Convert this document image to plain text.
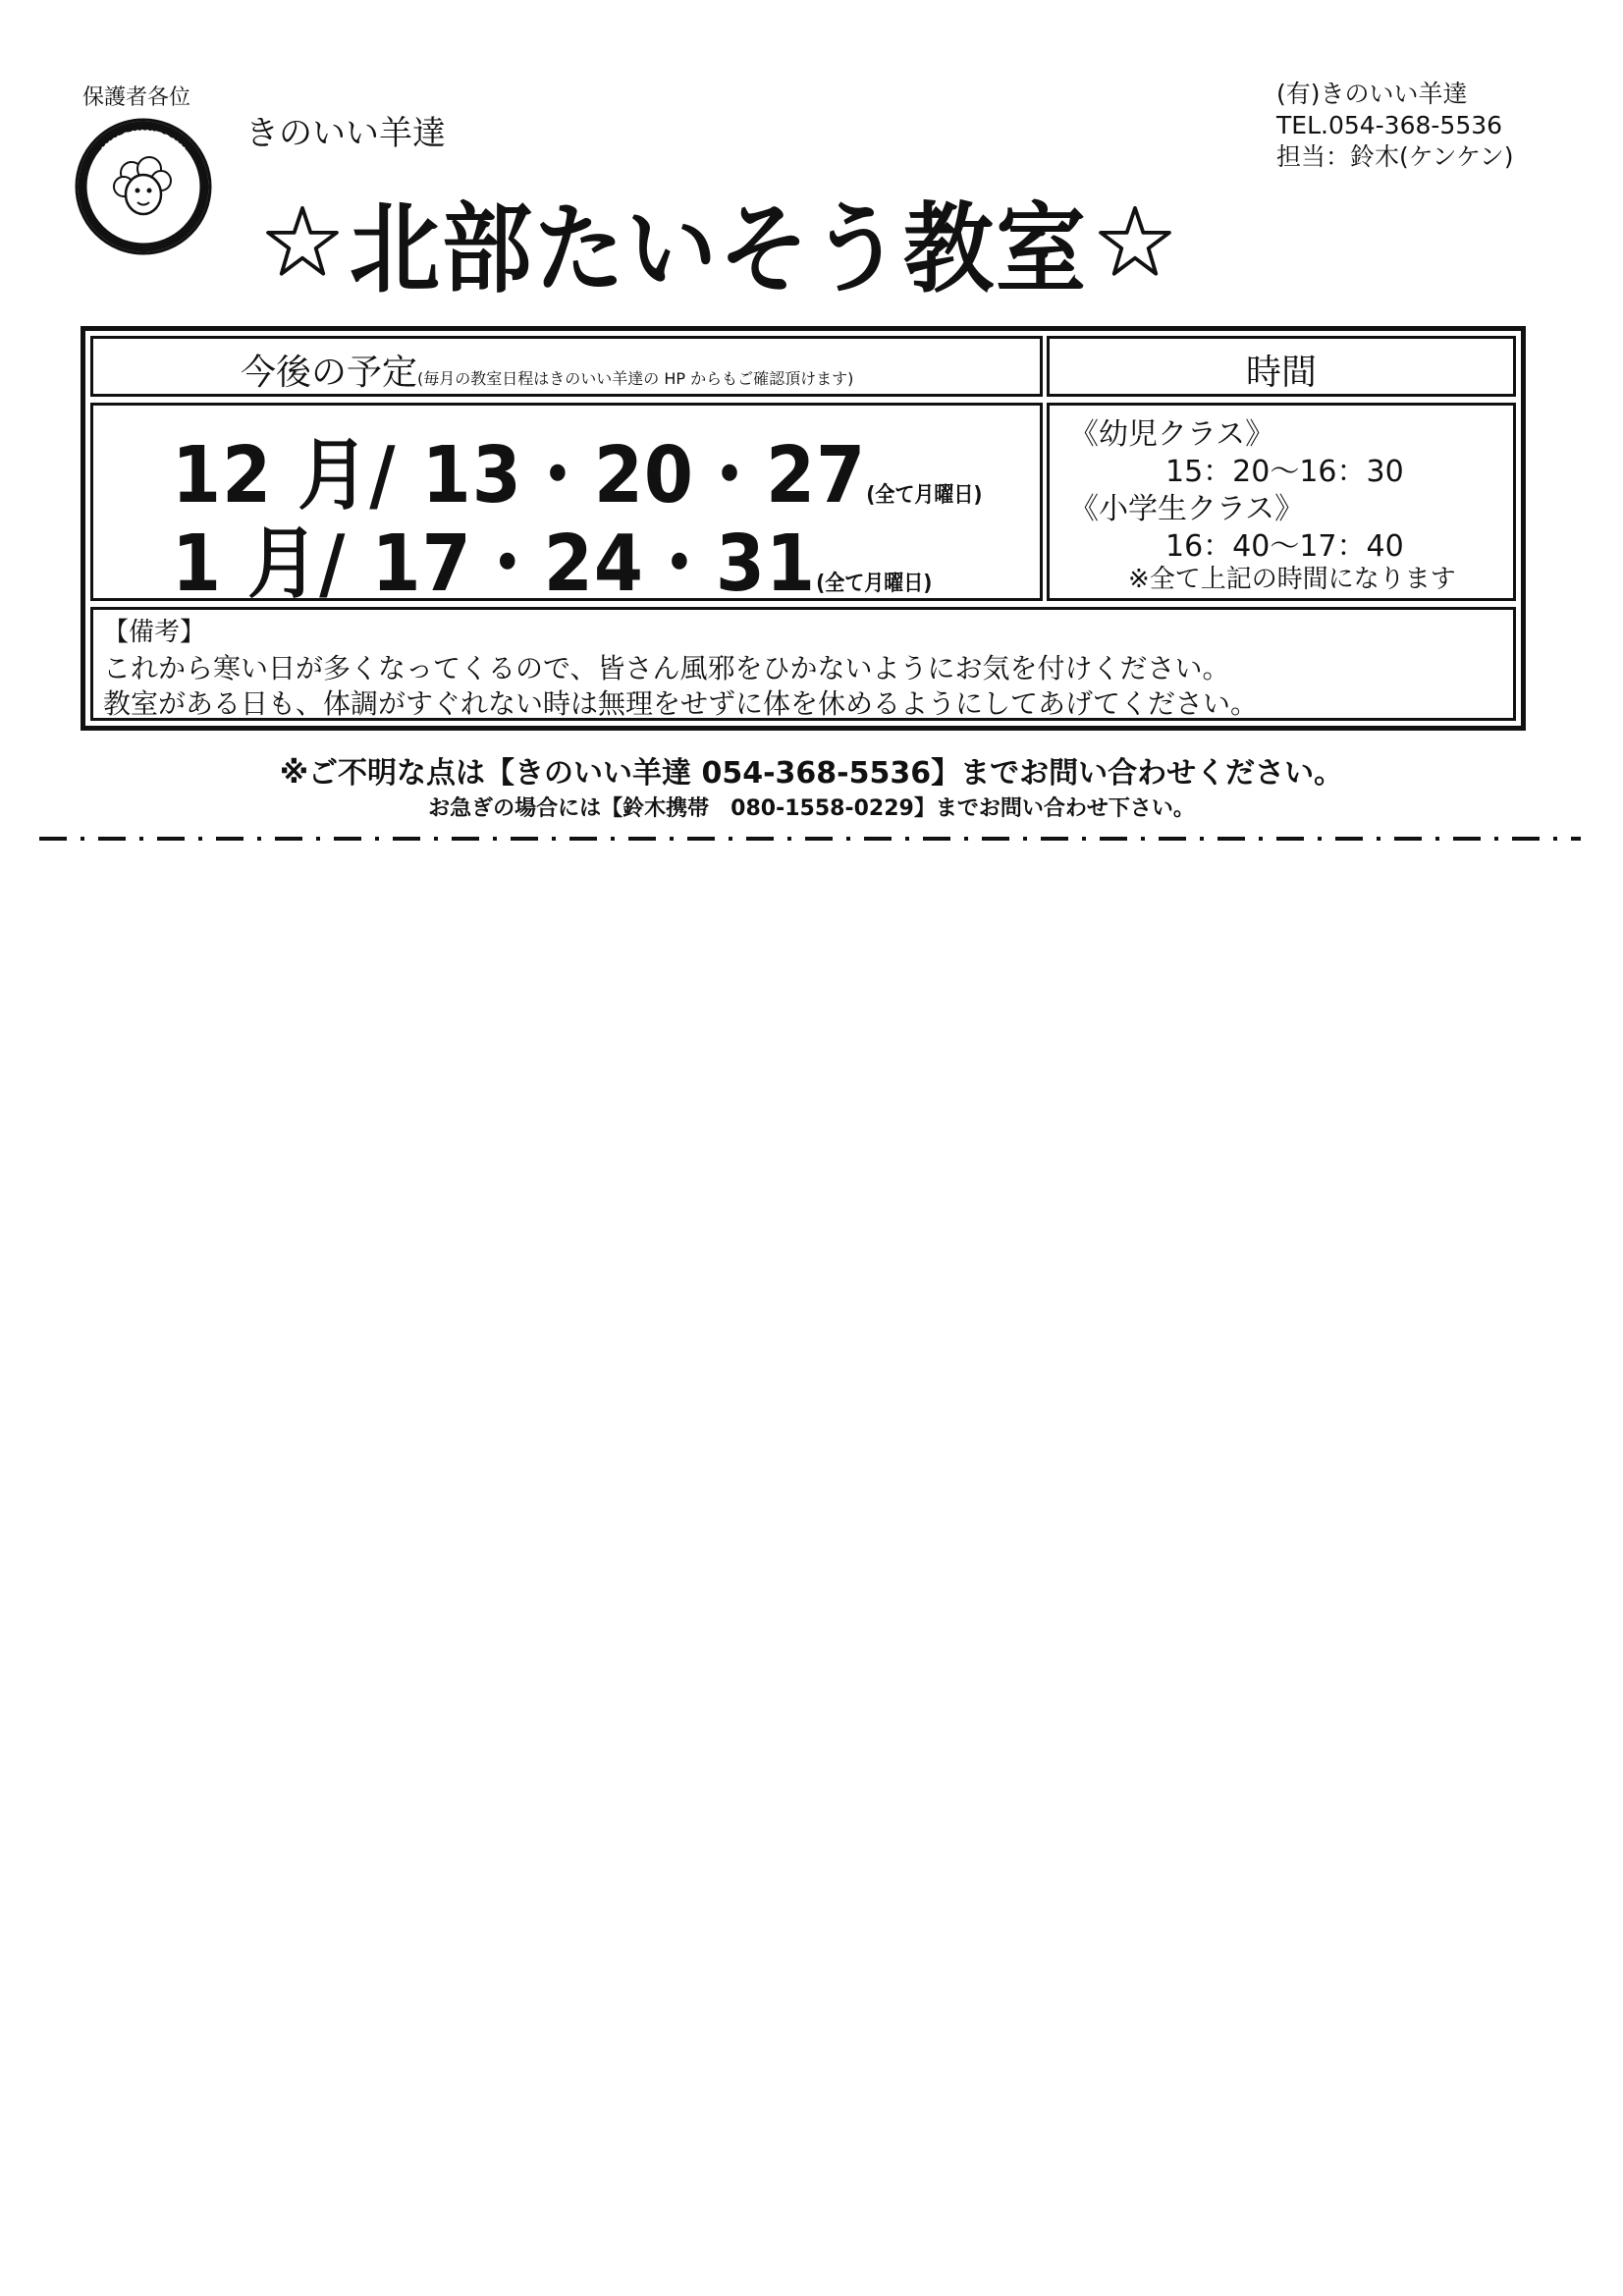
保護者各位
KINOIIHITSUJI
きのいいひつじたち
きのいい羊達
(有)きのいい羊達
TEL.054-368-5536
担当：鈴木(ケンケン)
北部たいそう教室
今後の予定(毎月の教室日程はきのいい羊達の HP からもご確認頂けます)	時間
12 月/ 13・20・27(全て月曜日)
1 月/ 17・24・31(全て月曜日)
《幼児クラス》
15：20〜16：30
《小学生クラス》
16：40〜17：40
※全て上記の時間になります
【備考】
これから寒い日が多くなってくるので、皆さん風邪をひかないようにお気を付けください。
教室がある日も、体調がすぐれない時は無理をせずに体を休めるようにしてあげてください。
※ご不明な点は【きのいい羊達 054-368-5536】までお問い合わせください。
お急ぎの場合には【鈴木携帯　080-1558-0229】までお問い合わせ下さい。
